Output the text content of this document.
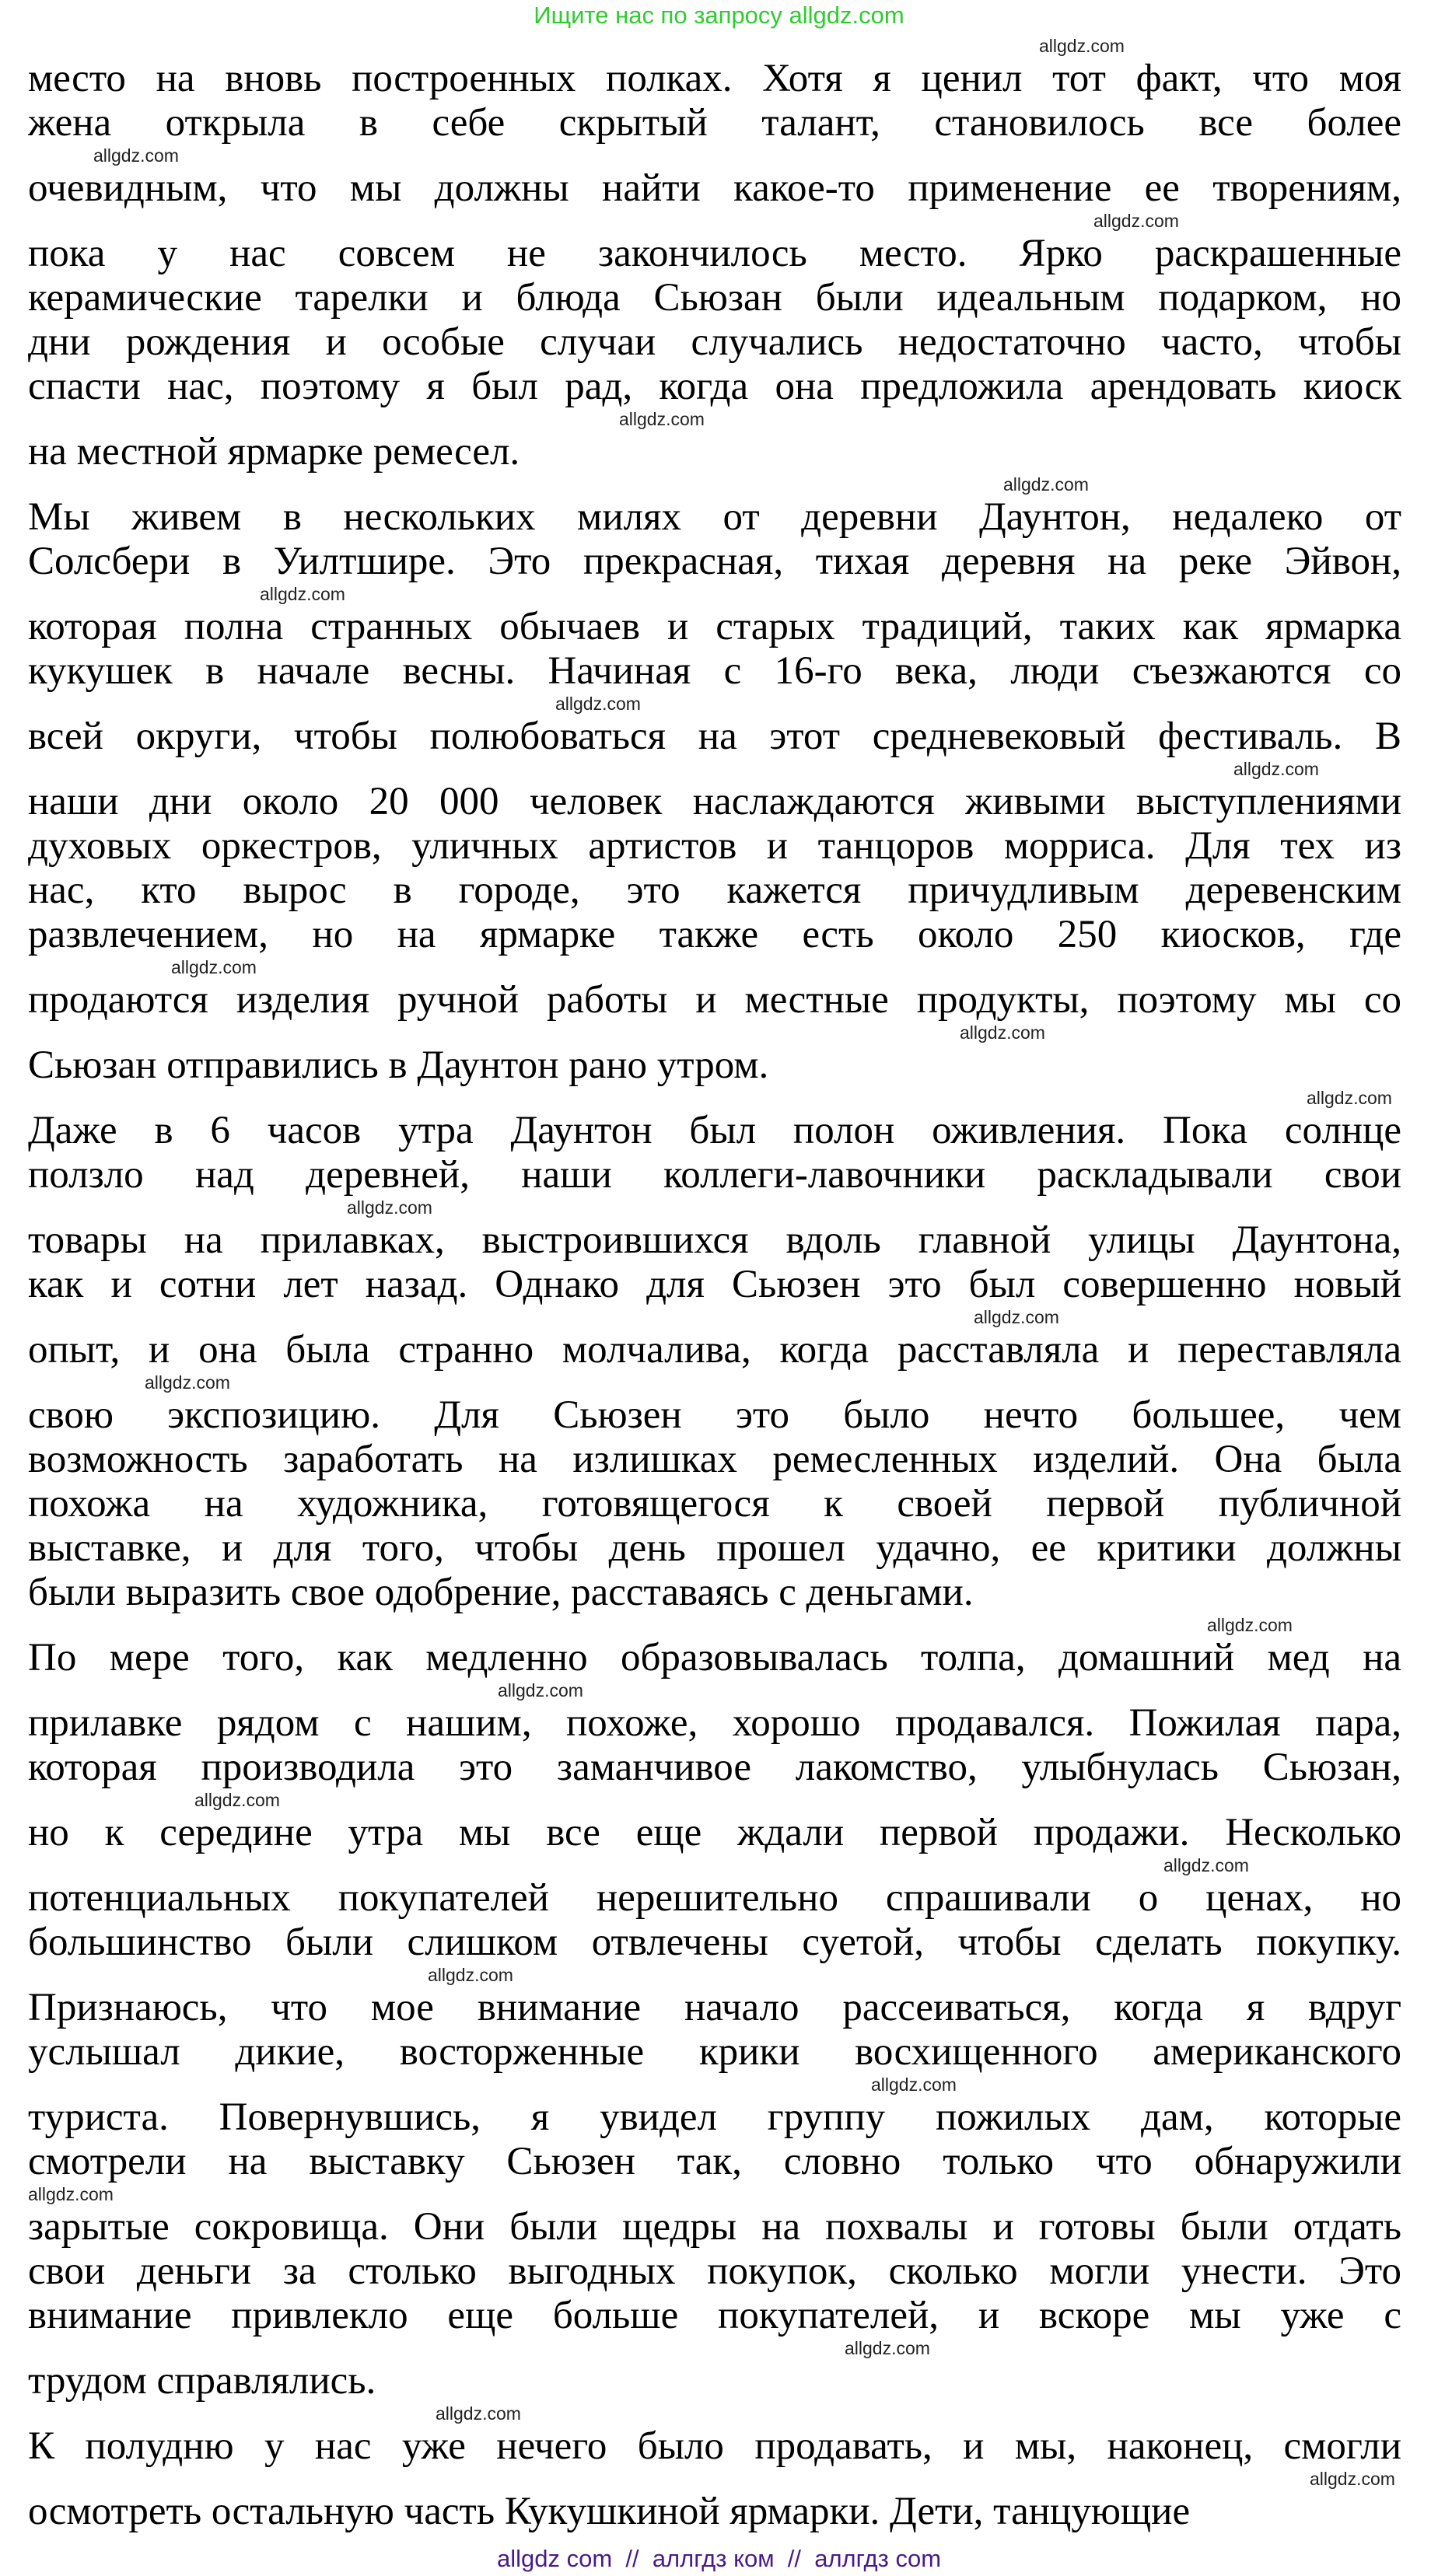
Ищите нас по запросу allgdz.com
allgdz.com
место на вновь построенных полках. Хотя я ценил тот факт, что моя
жена открыла в себе скрытый талант, становилось все более
allgdz.com
очевидным, что мы должны найти какое-то применение ее творениям,
allgdz.com
пока у нас совсем не закончилось место. Ярко раскрашенные
керамические тарелки и блюда Сьюзан были идеальным подарком, но
дни рождения и особые случаи случались недостаточно часто, чтобы
спасти нас, поэтому я был рад, когда она предложила арендовать киоск
allgdz.com
на местной ярмарке ремесел.
allgdz.com
Мы живем в нескольких милях от деревни Даунтон, недалеко от
Солсбери в Уилтшире. Это прекрасная, тихая деревня на реке Эйвон,
allgdz.com
которая полна странных обычаев и старых традиций, таких как ярмарка
кукушек в начале весны. Начиная с 16-го века, люди съезжаются со
allgdz.com
всей округи, чтобы полюбоваться на этот средневековый фестиваль. В
allgdz.com
наши дни около 20 000 человек наслаждаются живыми выступлениями
духовых оркестров, уличных артистов и танцоров морриса. Для тех из
нас, кто вырос в городе, это кажется причудливым деревенским
развлечением, но на ярмарке также есть около 250 киосков, где
allgdz.com
продаются изделия ручной работы и местные продукты, поэтому мы со
allgdz.com
Сьюзан отправились в Даунтон рано утром.
allgdz.com
Даже в 6 часов утра Даунтон был полон оживления. Пока солнце
ползло над деревней, наши коллеги-лавочники раскладывали свои
allgdz.com
товары на прилавках, выстроившихся вдоль главной улицы Даунтона,
как и сотни лет назад. Однако для Сьюзен это был совершенно новый
allgdz.com
опыт, и она была странно молчалива, когда расставляла и переставляла
allgdz.com
свою экспозицию. Для Сьюзен это было нечто большее, чем
возможность заработать на излишках ремесленных изделий. Она была
похожа на художника, готовящегося к своей первой публичной
выставке, и для того, чтобы день прошел удачно, ее критики должны
были выразить свое одобрение, расставаясь с деньгами.
allgdz.com
По мере того, как медленно образовывалась толпа, домашний мед на
allgdz.com
прилавке рядом с нашим, похоже, хорошо продавался. Пожилая пара,
которая производила это заманчивое лакомство, улыбнулась Сьюзан,
allgdz.com
но к середине утра мы все еще ждали первой продажи. Несколько
allgdz.com
потенциальных покупателей нерешительно спрашивали о ценах, но
большинство были слишком отвлечены суетой, чтобы сделать покупку.
allgdz.com
Признаюсь, что мое внимание начало рассеиваться, когда я вдруг
услышал дикие, восторженные крики восхищенного американского
allgdz.com
туриста. Повернувшись, я увидел группу пожилых дам, которые
смотрели на выставку Сьюзен так, словно только что обнаружили
allgdz.com
зарытые сокровища. Они были щедры на похвалы и готовы были отдать
свои деньги за столько выгодных покупок, сколько могли унести. Это
внимание привлекло еще больше покупателей, и вскоре мы уже с
allgdz.com
трудом справлялись.
allgdz.com
К полудню у нас уже нечего было продавать, и мы, наконец, смогли
allgdz.com
осмотреть остальную часть Кукушкиной ярмарки. Дети, танцующие
allgdz com  //  аллгдз ком  //  аллгдз com
